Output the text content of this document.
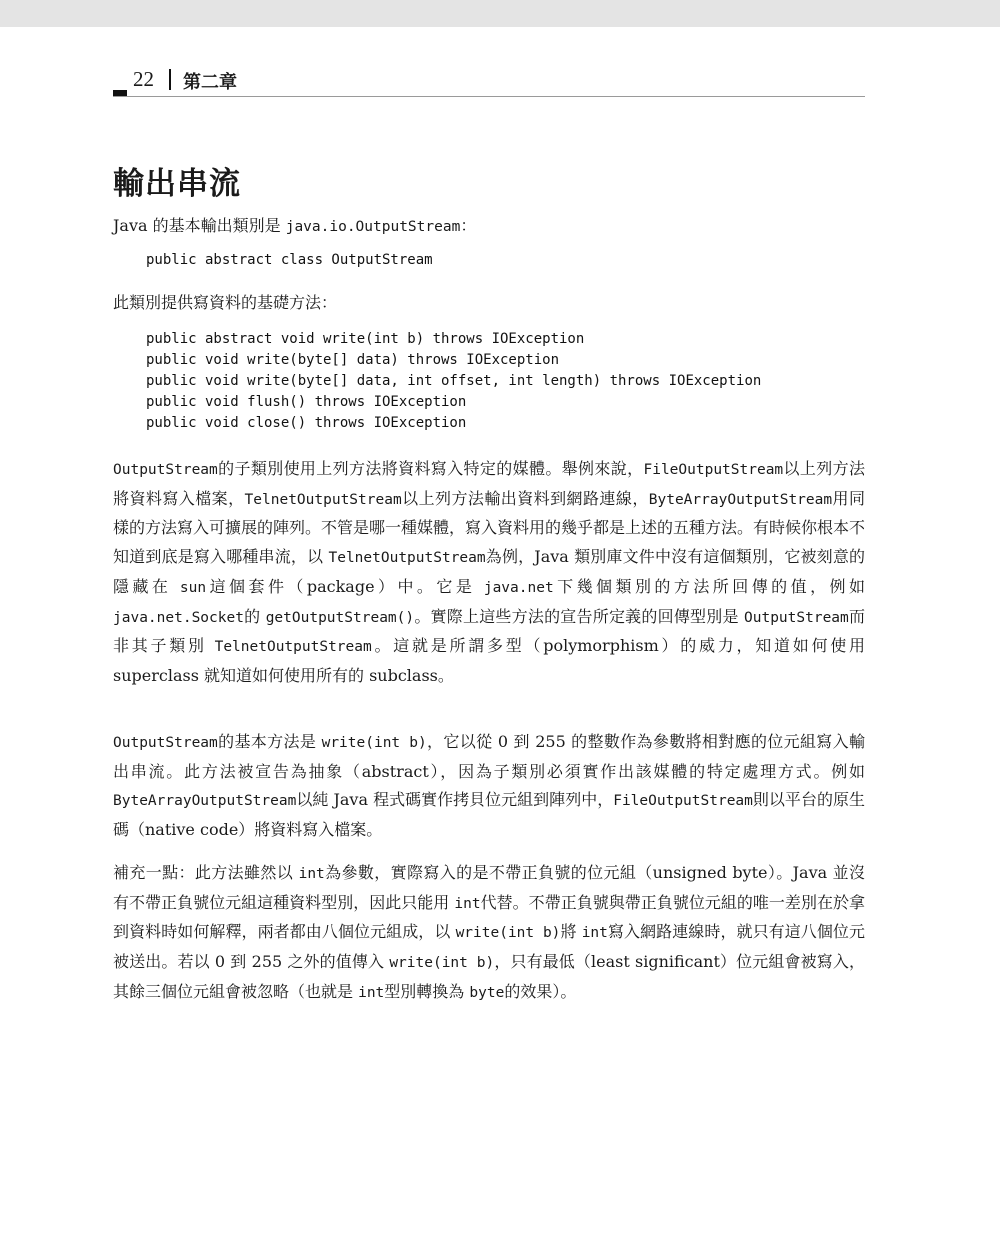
22 第二章
輸出串流

Java 的基本輸出類別是 java.io.OutputStream：

public abstract class OutputStream

此類別提供寫資料的基礎方法：

public abstract void write(int b) throws IOException
public void write(byte[] data) throws IOException
public void write(byte[] data, int offset, int length) throws IOException
public void flush() throws IOException
public void close() throws IOException

OutputStream的子類別使用上列方法將資料寫入特定的媒體。舉例來說，FileOutputStream以上列方法將資料寫入檔案，TelnetOutputStream以上列方法輸出資料到網路連線，ByteArrayOutputStream用同樣的方法寫入可擴展的陣列。不管是哪一種媒體，寫入資料用的幾乎都是上述的五種方法。有時候你根本不知道到底是寫入哪種串流，以 TelnetOutputStream為例，Java 類別庫文件中沒有這個類別，它被刻意的隱藏在 sun這個套件（package）中。它是 java.net下幾個類別的方法所回傳的值，例如 java.net.Socket的 getOutputStream()。實際上這些方法的宣告所定義的回傳型別是 OutputStream而非其子類別 TelnetOutputStream。這就是所謂多型（polymorphism）的威力，知道如何使用 superclass 就知道如何使用所有的 subclass。

OutputStream的基本方法是 write(int b)，它以從 0 到 255 的整數作為參數將相對應的位元組寫入輸出串流。此方法被宣告為抽象（abstract），因為子類別必須實作出該媒體的特定處理方式。例如 ByteArrayOutputStream以純 Java 程式碼實作拷貝位元組到陣列中，FileOutputStream則以平台的原生碼（native code）將資料寫入檔案。

補充一點：此方法雖然以 int為參數，實際寫入的是不帶正負號的位元組（unsigned byte）。Java 並沒有不帶正負號位元組這種資料型別，因此只能用 int代替。不帶正負號與帶正負號位元組的唯一差別在於拿到資料時如何解釋，兩者都由八個位元組成，以 write(int b)將 int寫入網路連線時，就只有這八個位元被送出。若以 0 到 255 之外的值傳入 write(int b)，只有最低（least significant）位元組會被寫入，其餘三個位元組會被忽略（也就是 int型別轉換為 byte的效果）。
